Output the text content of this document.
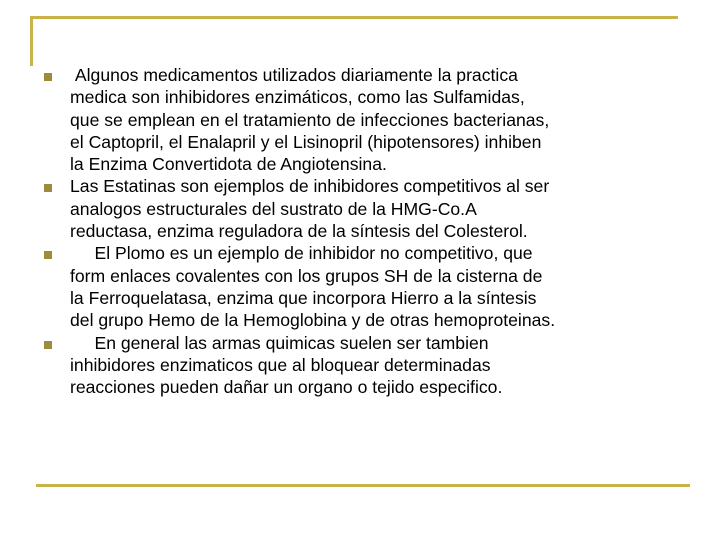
Algunos medicamentos utilizados diariamente la practica
medica son inhibidores enzimáticos, como las Sulfamidas,
que se emplean en el tratamiento de infecciones bacterianas,
el Captopril, el Enalapril y el Lisinopril (hipotensores) inhiben
la Enzima Convertidota de Angiotensina.
Las Estatinas son ejemplos de inhibidores competitivos al ser
analogos estructurales del sustrato de la HMG-Co.A
reductasa, enzima reguladora de la síntesis del Colesterol.
El Plomo es un ejemplo de inhibidor no competitivo, que
form enlaces covalentes con los grupos SH de la cisterna de
la Ferroquelatasa, enzima que incorpora Hierro a la síntesis
del grupo Hemo de la Hemoglobina y de otras hemoproteinas.
En general las armas quimicas suelen ser tambien
inhibidores enzimaticos que al bloquear determinadas
reacciones pueden dañar un organo o tejido especifico.
